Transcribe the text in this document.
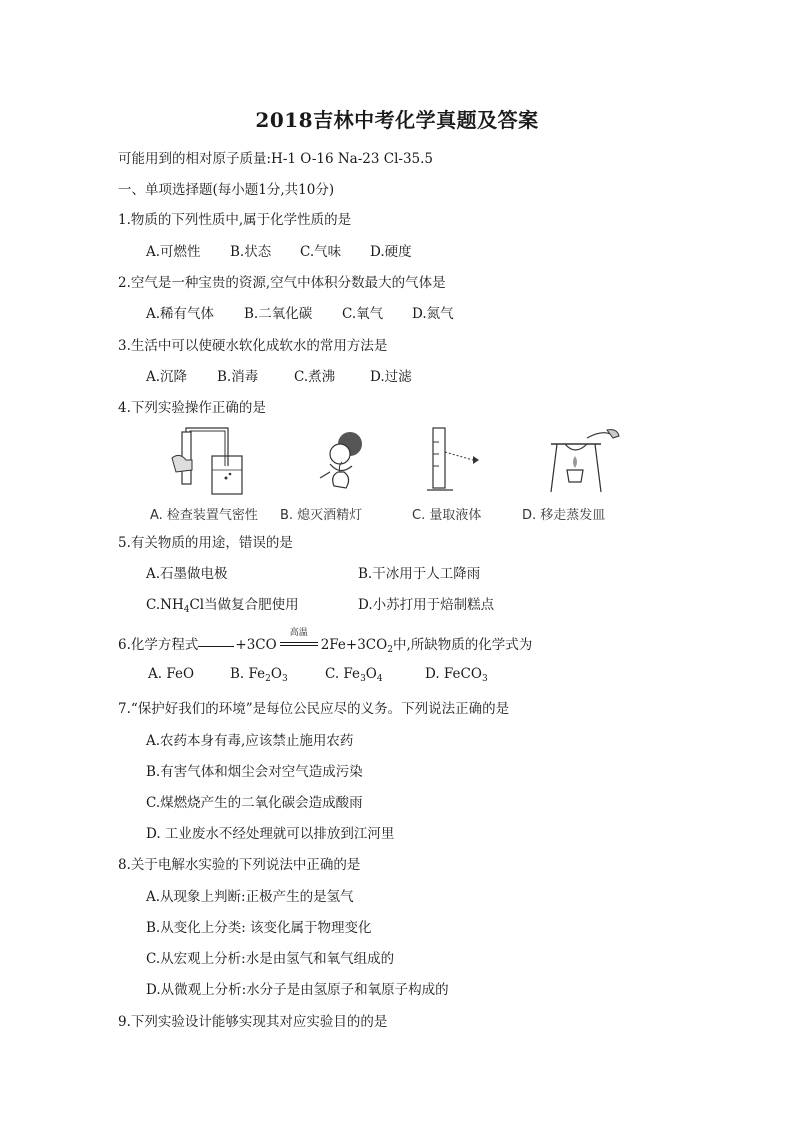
2018吉林中考化学真题及答案
可能用到的相对原子质量:H-1 O-16 Na-23 Cl-35.5
一、单项选择题(每小题1分,共10分)
1.物质的下列性质中,属于化学性质的是
A.可燃性 B.状态 C.气味 D.硬度
2.空气是一种宝贵的资源,空气中体积分数最大的气体是
A.稀有气体 B.二氧化碳 C.氧气 D.氮气
3.生活中可以使硬水软化成软水的常用方法是
A.沉降 B.消毒	C.煮沸	D.过滤
4.下列实验操作正确的是
A. 检查装置气密性 B. 熄灭酒精灯	C. 量取液体	D. 移走蒸发皿
5.有关物质的用途，错误的是
A.石墨做电极	B.干冰用于人工降雨
$C.NH_4Cl$当做复合肥使用	D.小苏打用于焙制糕点
6.化学方程式	+3CO
高温
$2Fe+3CO_2$中,所缺物质的化学式为
A. FeO	B. $Fe_2O_3$	C. $Fe_3O_4$	D. FeCO$_3$
7.“保护好我们的环境”是每位公民应尽的义务。下列说法正确的是
A.农药本身有毒,应该禁止施用农药
B.有害气体和烟尘会对空气造成污染
C.煤燃烧产生的二氧化碳会造成酸雨
D. 工业废水不经处理就可以排放到江河里
8.关于电解水实验的下列说法中正确的是
A.从现象上判断:正极产生的是氢气
B.从变化上分类: 该变化属于物理变化
C.从宏观上分析:水是由氢气和氧气组成的
D.从微观上分析:水分子是由氢原子和氧原子构成的
9.下列实验设计能够实现其对应实验目的的是
